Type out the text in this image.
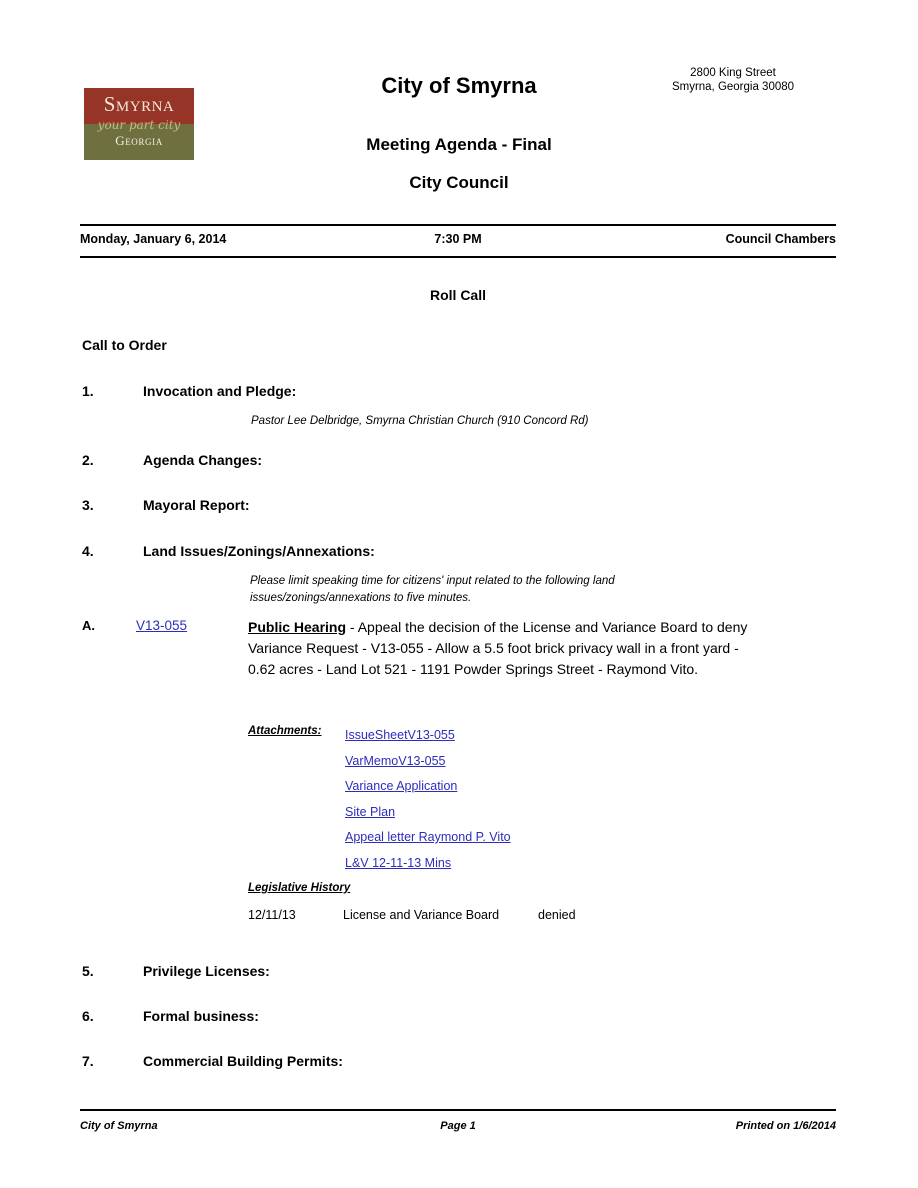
Smyrna
your part city
Georgia
2800 King Street
Smyrna, Georgia 30080
City of Smyrna
Meeting Agenda - Final
City Council
Monday, January 6, 2014	7:30 PM	Council Chambers
Roll Call
Call to Order
1.	Invocation and Pledge:
Pastor Lee Delbridge, Smyrna Christian Church (910 Concord Rd)
2.	Agenda Changes:
3.	Mayoral Report:
4.	Land Issues/Zonings/Annexations:
Please limit speaking time for citizens' input related to the following land issues/zonings/annexations to five minutes.
A.	V13-055	Public Hearing - Appeal the decision of the License and Variance Board to deny Variance Request - V13-055 - Allow a 5.5 foot brick privacy wall in a front yard - 0.62 acres - Land Lot 521 - 1191 Powder Springs Street - Raymond Vito.
Attachments: IssueSheetV13-055
VarMemoV13-055
Variance Application
Site Plan
Appeal letter Raymond P. Vito
L&V 12-11-13 Mins
Legislative History
12/11/13	License and Variance Board	denied
5.	Privilege Licenses:
6.	Formal business:
7.	Commercial Building Permits:
City of Smyrna	Page 1	Printed on 1/6/2014
